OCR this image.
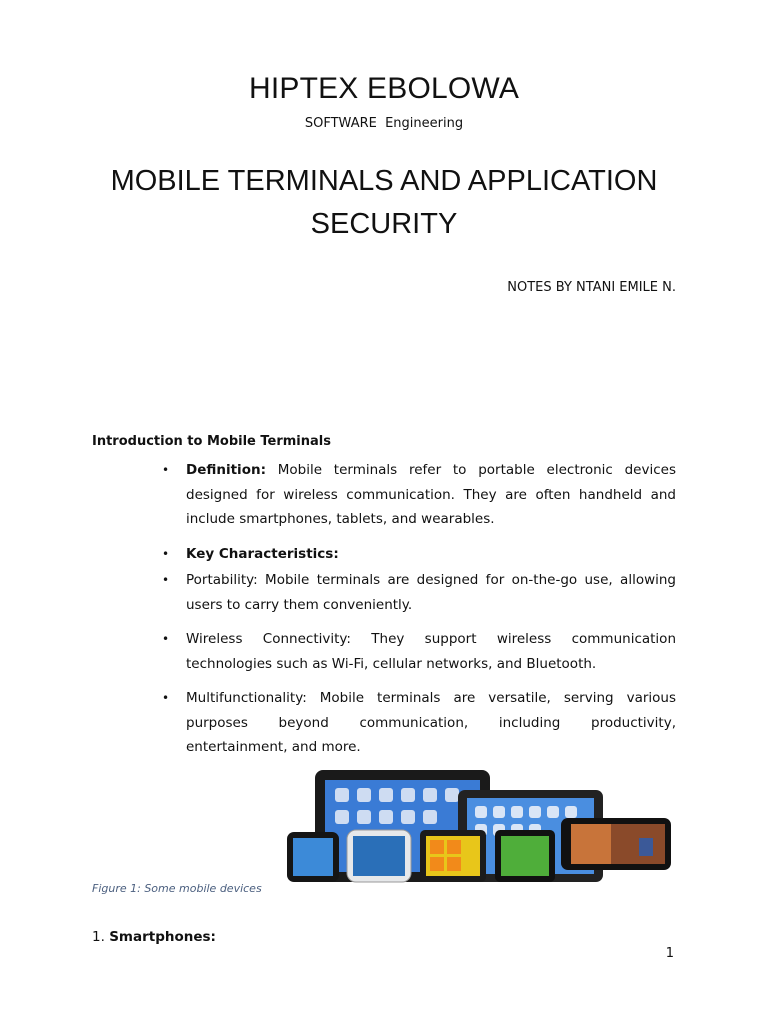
HIPTEX EBOLOWA
SOFTWARE  Engineering
MOBILE TERMINALS AND APPLICATION
SECURITY
NOTES BY NTANI EMILE N.
Introduction to Mobile Terminals
• Definition: Mobile terminals refer to portable electronic devices designed for wireless communication. They are often handheld and include smartphones, tablets, and wearables.
• Key Characteristics:
• Portability: Mobile terminals are designed for on-the-go use, allowing users to carry them conveniently.
• Wireless Connectivity: They support wireless communication technologies such as Wi-Fi, cellular networks, and Bluetooth.
• Multifunctionality: Mobile terminals are versatile, serving various purposes beyond communication, including productivity, entertainment, and more.
Figure 1: Some mobile devices
1. Smartphones:
1
